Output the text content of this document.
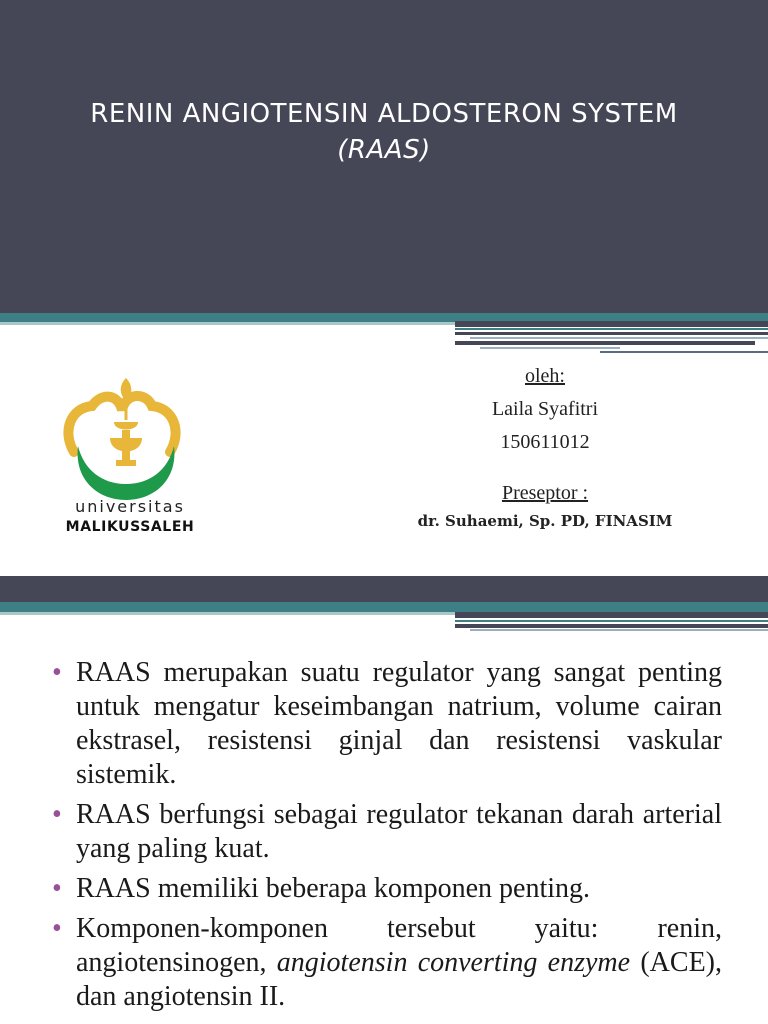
RENIN ANGIOTENSIN ALDOSTERON SYSTEM
(RAAS)
universitas
MALIKUSSALEH
oleh:
Laila Syafitri
150611012
Preseptor :
dr. Suhaemi, Sp. PD, FINASIM
• RAAS merupakan suatu regulator yang sangat penting untuk mengatur keseimbangan natrium, volume cairan ekstrasel, resistensi ginjal dan resistensi vaskular sistemik.
• RAAS berfungsi sebagai regulator tekanan darah arterial yang paling kuat.
• RAAS memiliki beberapa komponen penting.
• Komponen-komponen tersebut yaitu: renin, angiotensinogen, angiotensin converting enzyme (ACE), dan angiotensin II.
